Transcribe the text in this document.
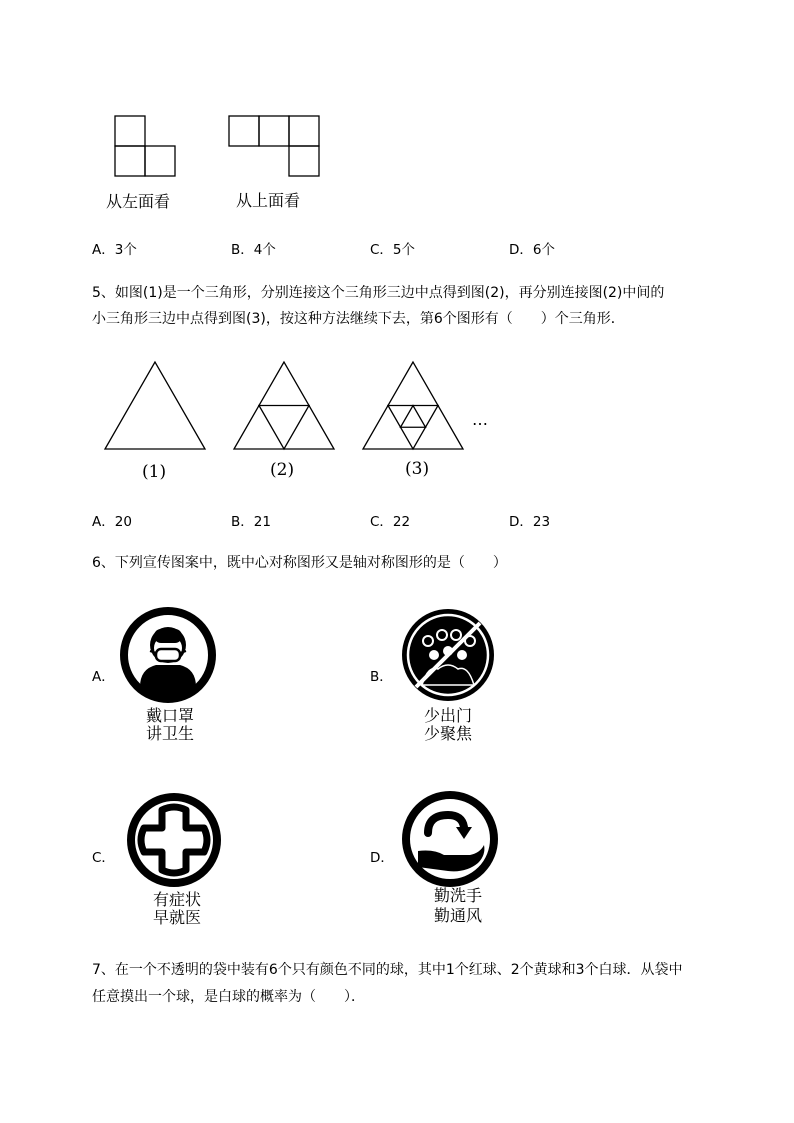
从左面看	从上面看
A．3个	B．4个	C．5个	D．6个
5、如图(1)是一个三角形，分别连接这个三角形三边中点得到图(2)，再分别连接图(2)中间的
小三角形三边中点得到图(3)，按这种方法继续下去，第6个图形有（　　）个三角形．
(1)	(2)	(3)
…
A．20	B．21	C．22	D．23
6、下列宣传图案中，既中心对称图形又是轴对称图形的是（　　）
A．
戴口罩
讲卫生
B．
少出门
少聚焦
C．
有症状
早就医
D．
勤洗手
勤通风
7、在一个不透明的袋中装有6个只有颜色不同的球，其中1个红球、2个黄球和3个白球．从袋中
任意摸出一个球，是白球的概率为（　　）．
